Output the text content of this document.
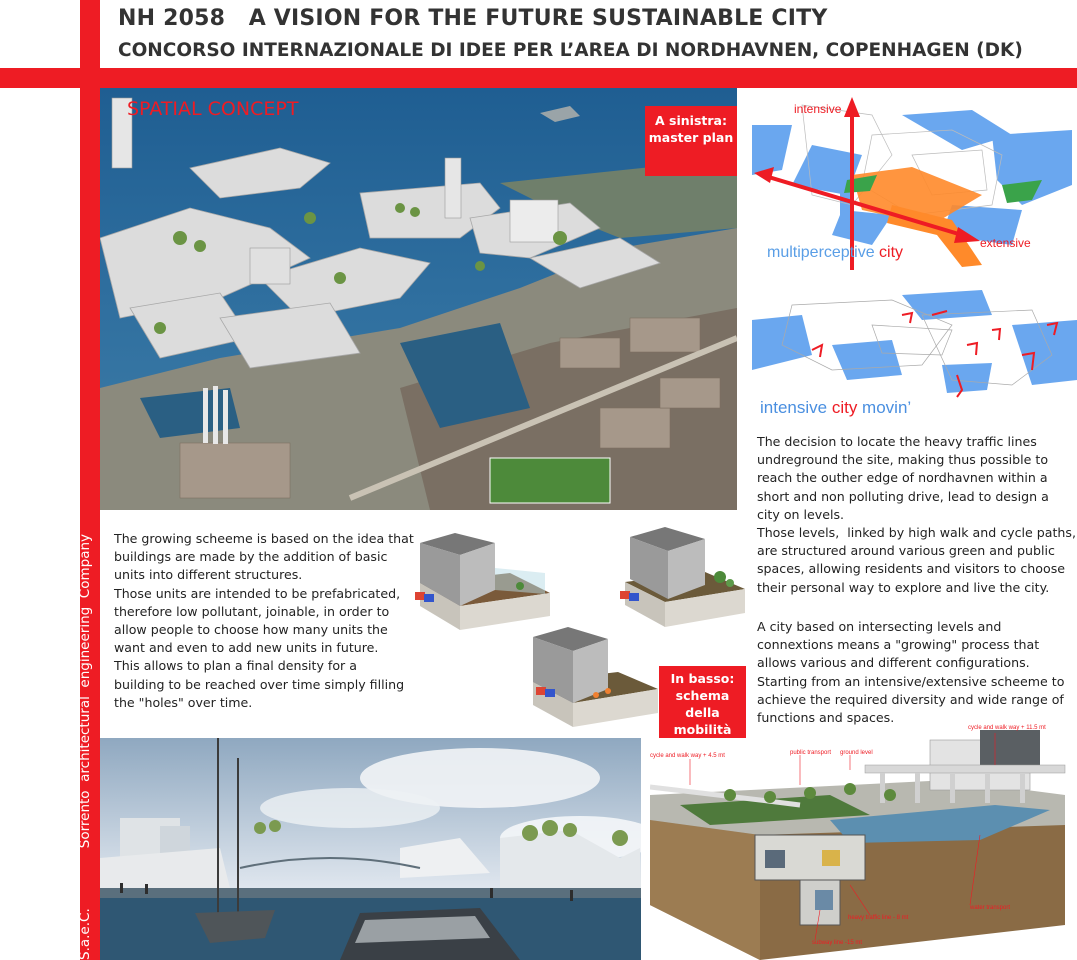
NH 2058   A VISION FOR THE FUTURE SUSTAINABLE CITY
CONCORSO INTERNAZIONALE DI IDEE PER L’AREA DI NORDHAVNEN, COPENHAGEN (DK)
S.a.e.C.Sorrento  architectural  engineering  Company
SPATIAL CONCEPT
A sinistra:
master plan
intensive
extensive
multiperceptive city
intensive city movin’
The decision to locate the heavy traffic lines
undreground the site, making thus possible to
reach the outher edge of nordhavnen within a
short and non polluting drive, lead to design a
city on levels.
Those levels,  linked by high walk and cycle paths,
are structured around various green and public
spaces, allowing residents and visitors to choose
their personal way to explore and live the city.
A city based on intersecting levels and
connextions means a "growing" process that
allows various and different configurations.
Starting from an intensive/extensive scheeme to
achieve the required diversity and wide range of
functions and spaces.
The growing scheeme is based on the idea that
buildings are made by the addition of basic
units into different structures.
Those units are intended to be prefabricated,
therefore low pollutant, joinable, in order to
allow people to choose how many units the
want and even to add new units in future.
This allows to plan a final density for a
building to be reached over time simply filling
the "holes" over time.
In basso:
schema della
mobilità
cycle and walk way + 4.5 mt	public transport ground level
cycle and walk way + 11.5 mt
heavy traffic line - 8 mt
water transport
subway line -15 mt
